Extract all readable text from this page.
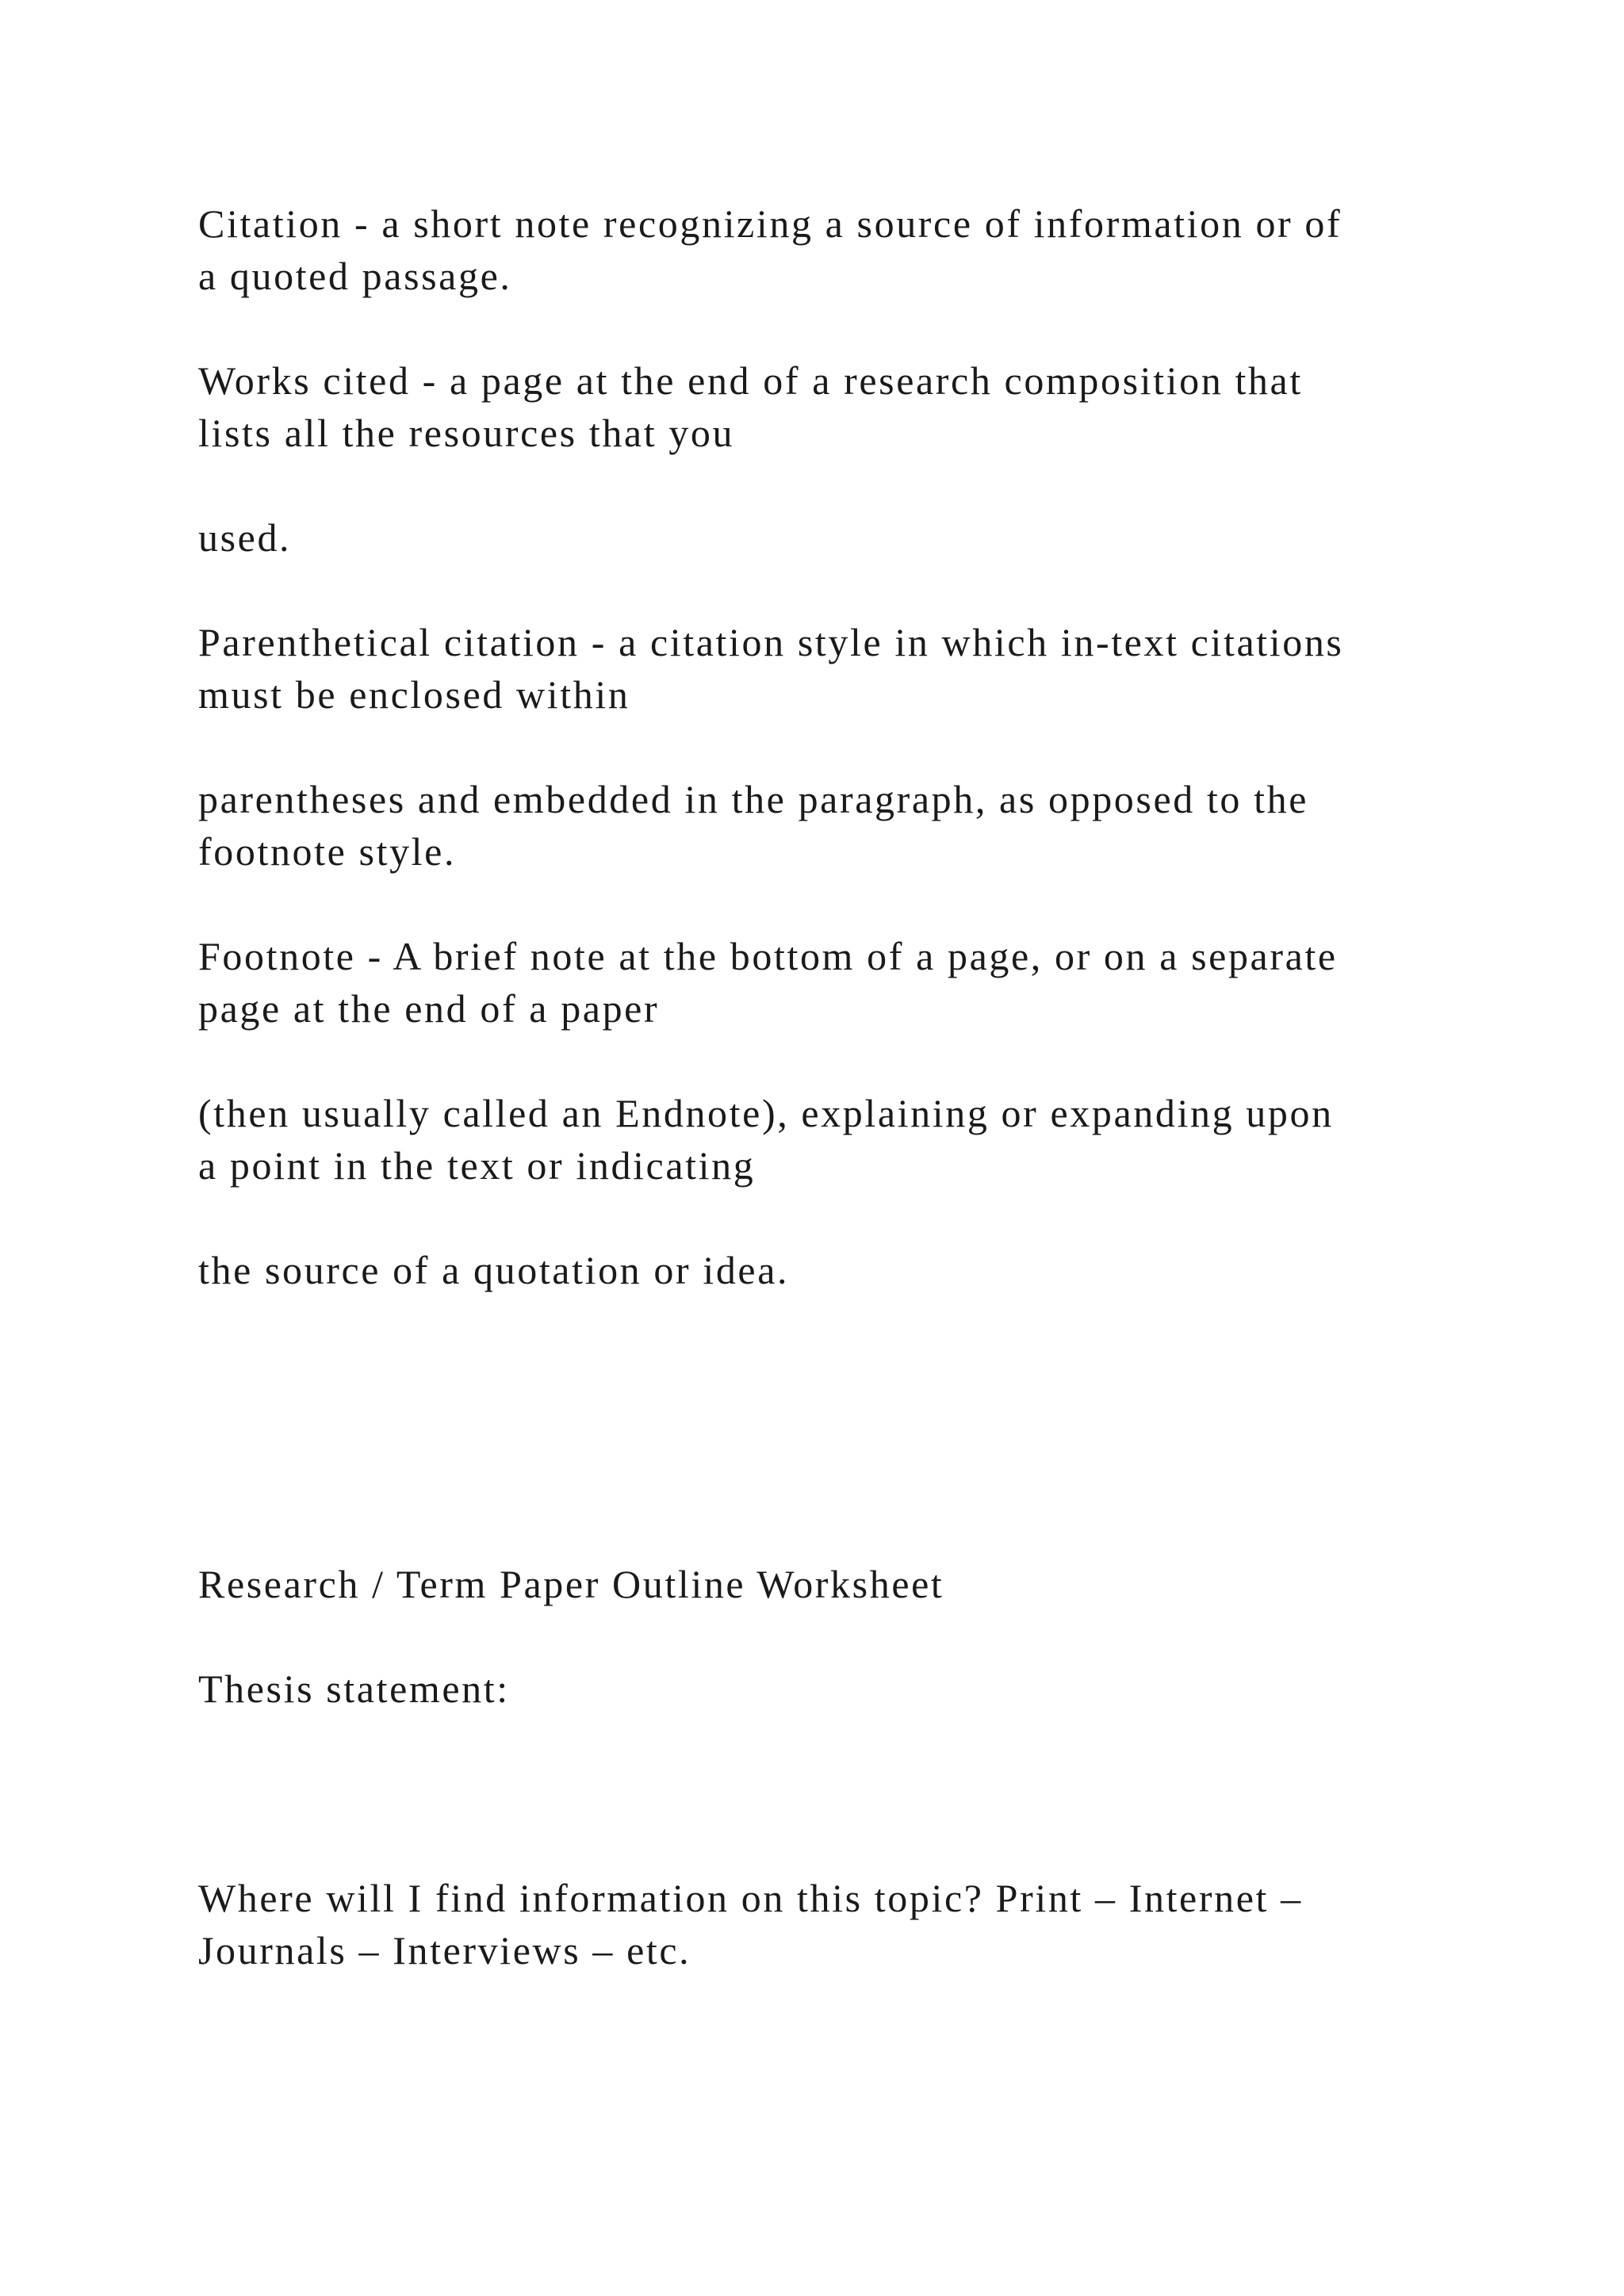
Citation - a short note recognizing a source of information or of

a quoted passage.

Works cited - a page at the end of a research composition that

lists all the resources that you

used.

Parenthetical citation - a citation style in which in-text citations

must be enclosed within

parentheses and embedded in the paragraph, as opposed to the

footnote style.

Footnote - A brief note at the bottom of a page, or on a separate

page at the end of a paper

(then usually called an Endnote), explaining or expanding upon

a point in the text or indicating

the source of a quotation or idea.

Research / Term Paper Outline Worksheet

Thesis statement:

Where will I find information on this topic? Print – Internet –

Journals – Interviews – etc.
